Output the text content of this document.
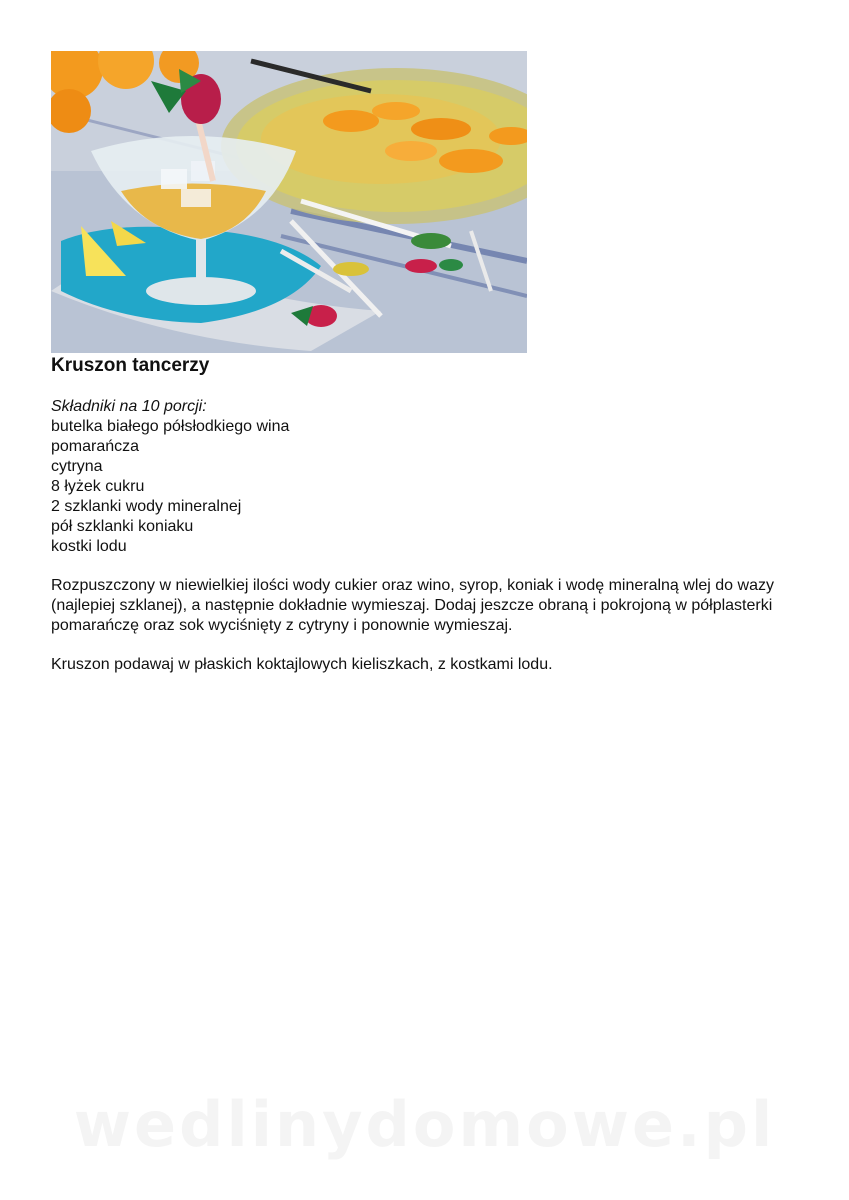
Kruszon tancerzy
Składniki na 10 porcji:
butelka białego półsłodkiego wina
pomarańcza
cytryna
8 łyżek cukru
2 szklanki wody mineralnej
pół szklanki koniaku
kostki lodu

Rozpuszczony w niewielkiej ilości wody cukier oraz wino, syrop, koniak i wodę mineralną wlej do wazy (najlepiej szklanej), a następnie dokładnie wymieszaj. Dodaj jeszcze obraną i pokrojoną w półplasterki pomarańczę oraz sok wyciśnięty z cytryny i ponownie wymieszaj.

Kruszon podawaj w płaskich koktajlowych kieliszkach, z kostkami lodu.

wedlinydomowe.pl
